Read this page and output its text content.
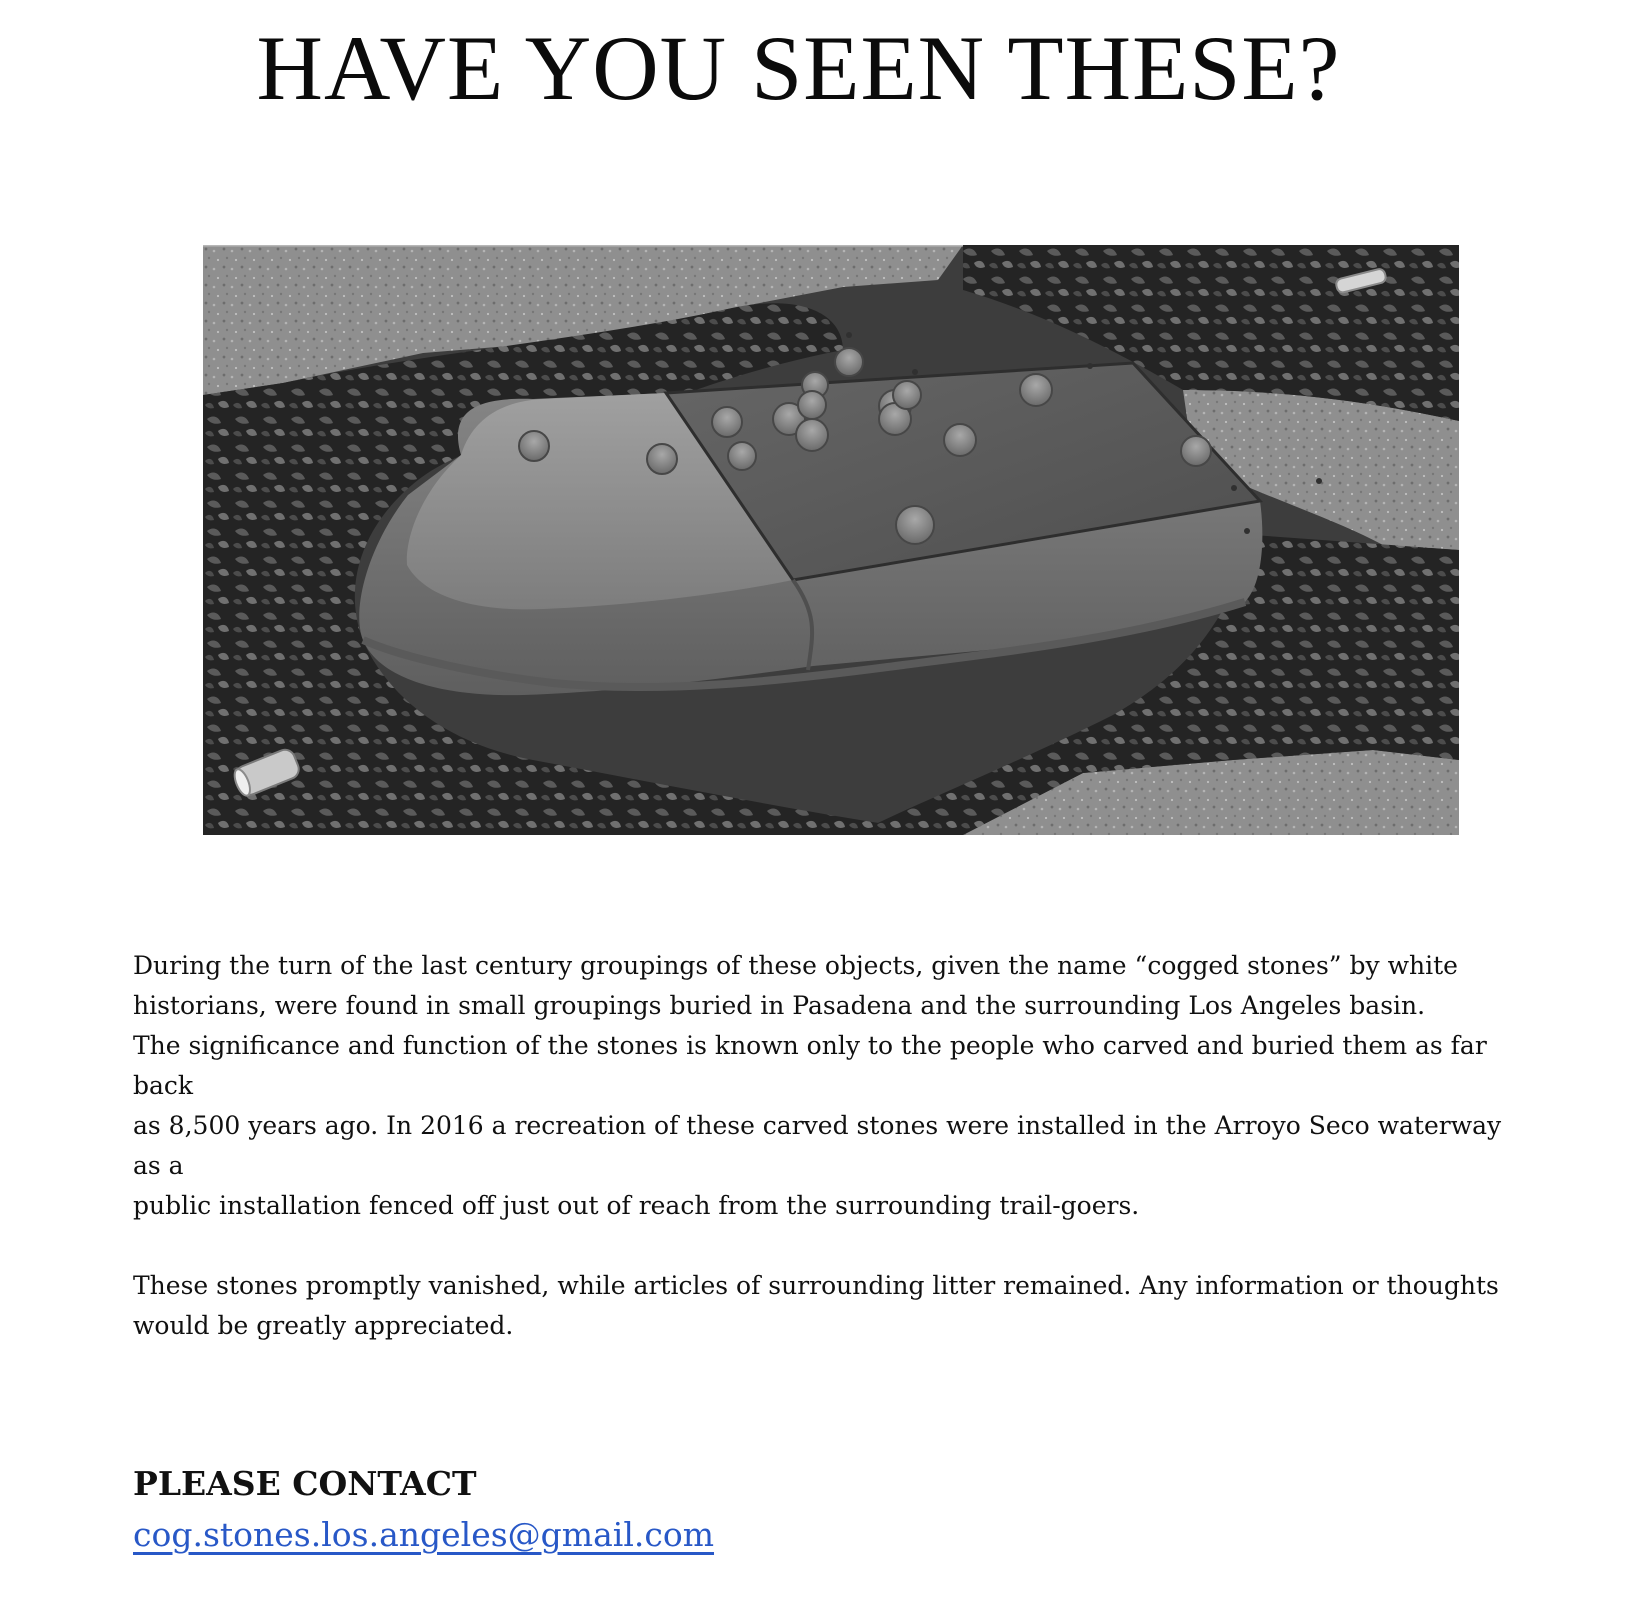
HAVE YOU SEEN THESE?

During the turn of the last century groupings of these objects, given the name “cogged stones” by white

historians, were found in small groupings buried in Pasadena and the surrounding Los Angeles basin.

The significance and function of the stones is known only to the people who carved and buried them as far back

as 8,500 years ago. In 2016 a recreation of these carved stones were installed in the Arroyo Seco waterway as a

public installation fenced off just out of reach from the surrounding trail-goers.

These stones promptly vanished, while articles of surrounding litter remained. Any information or thoughts

would be greatly appreciated.

PLEASE CONTACT
cog.stones.los.angeles@gmail.com
